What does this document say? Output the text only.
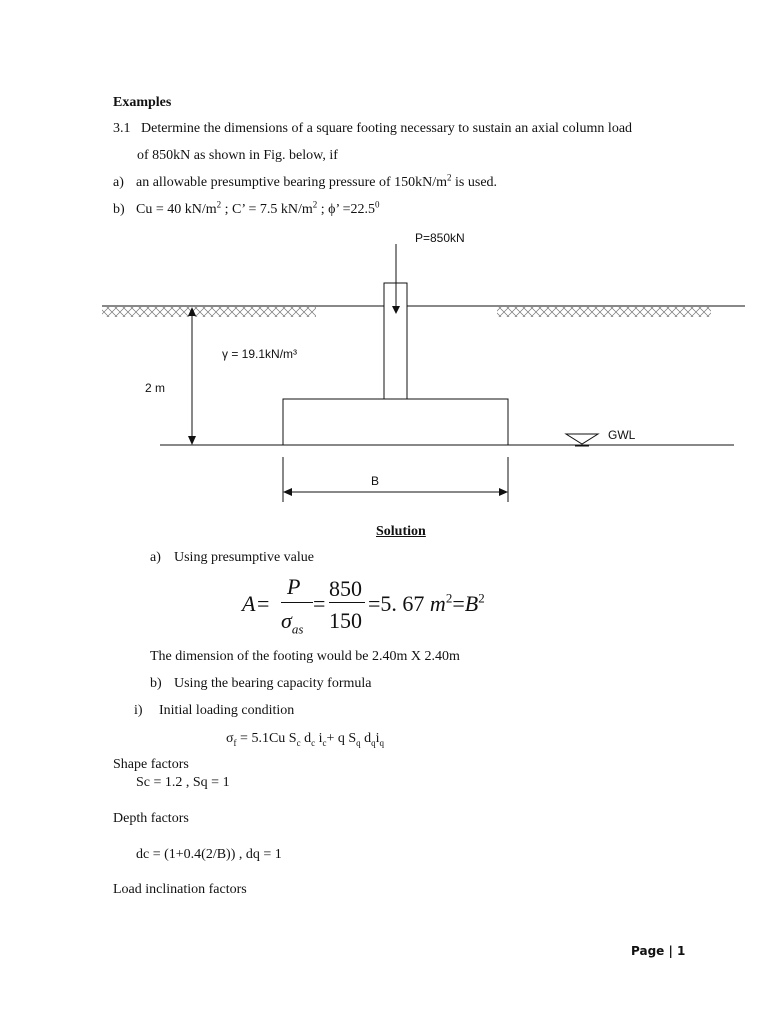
Examples
3.1 Determine the dimensions of a square footing necessary to sustain an axial column load
of 850kN as shown in Fig. below, if
a) an allowable presumptive bearing pressure of $150kN/m^2$ is used.
b) Cu = 40 $kN/m^2$ ; C’ = 7.5 $kN/m^2$ ; ϕ’ $=22.5^0$
P=850kN
γ = 19.1kN/m³
2 m
GWL
B
Solution
a) Using presumptive value
A =
P
$\sigma_{as}$
=
850
150
=5. 67 $m^2=B^2$
The dimension of the footing would be 2.40m X 2.40m
b) Using the bearing capacity formula
i) Initial loading condition
$\sigma_f = 5.1Cu$ $S_c$ $d_c$ $i_c+ q$ $S_q$ $d_qi_q$
Shape factors
Sc = 1.2 , Sq = 1
Depth factors
dc = (1+0.4(2/B)) , dq = 1
Load inclination factors
Page | 1
